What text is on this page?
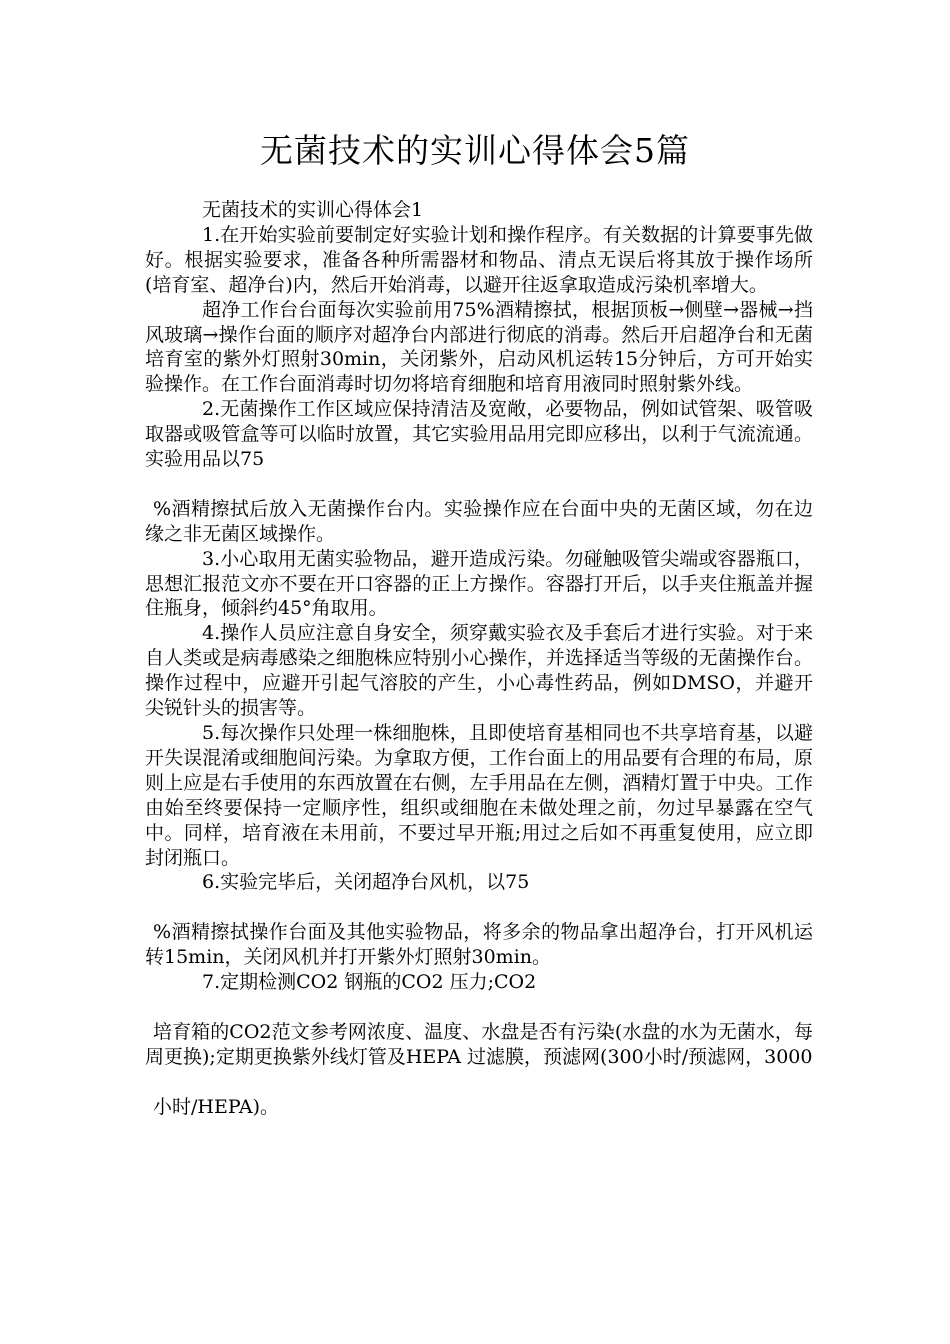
无菌技术的实训心得体会5篇

无菌技术的实训心得体会1

1.在开始实验前要制定好实验计划和操作程序。有关数据的计算要事先做好。根据实验要求，准备各种所需器材和物品、清点无误后将其放于操作场所(培育室、超净台)内，然后开始消毒，以避开往返拿取造成污染机率增大。

超净工作台台面每次实验前用75%酒精擦拭，根据顶板→侧壁→器械→挡风玻璃→操作台面的顺序对超净台内部进行彻底的消毒。然后开启超净台和无菌培育室的紫外灯照射30min，关闭紫外，启动风机运转15分钟后，方可开始实验操作。在工作台面消毒时切勿将培育细胞和培育用液同时照射紫外线。

2.无菌操作工作区域应保持清洁及宽敞，必要物品，例如试管架、吸管吸取器或吸管盒等可以临时放置，其它实验用品用完即应移出，以利于气流流通。实验用品以75

%酒精擦拭后放入无菌操作台内。实验操作应在台面中央的无菌区域，勿在边缘之非无菌区域操作。

3.小心取用无菌实验物品，避开造成污染。勿碰触吸管尖端或容器瓶口，思想汇报范文亦不要在开口容器的正上方操作。容器打开后，以手夹住瓶盖并握住瓶身，倾斜约45°角取用。

4.操作人员应注意自身安全，须穿戴实验衣及手套后才进行实验。对于来自人类或是病毒感染之细胞株应特别小心操作，并选择适当等级的无菌操作台。操作过程中，应避开引起气溶胶的产生，小心毒性药品，例如DMSO，并避开尖锐针头的损害等。

5.每次操作只处理一株细胞株，且即使培育基相同也不共享培育基，以避开失误混淆或细胞间污染。为拿取方便，工作台面上的用品要有合理的布局，原则上应是右手使用的东西放置在右侧，左手用品在左侧，酒精灯置于中央。工作由始至终要保持一定顺序性，组织或细胞在未做处理之前，勿过早暴露在空气中。同样，培育液在未用前，不要过早开瓶;用过之后如不再重复使用，应立即封闭瓶口。

6.实验完毕后，关闭超净台风机，以75

%酒精擦拭操作台面及其他实验物品，将多余的物品拿出超净台，打开风机运转15min，关闭风机并打开紫外灯照射30min。

7.定期检测CO2 钢瓶的CO2 压力;CO2

培育箱的CO2范文参考网浓度、温度、水盘是否有污染(水盘的水为无菌水，每周更换);定期更换紫外线灯管及HEPA 过滤膜，预滤网(300小时/预滤网，3000

小时/HEPA)。
